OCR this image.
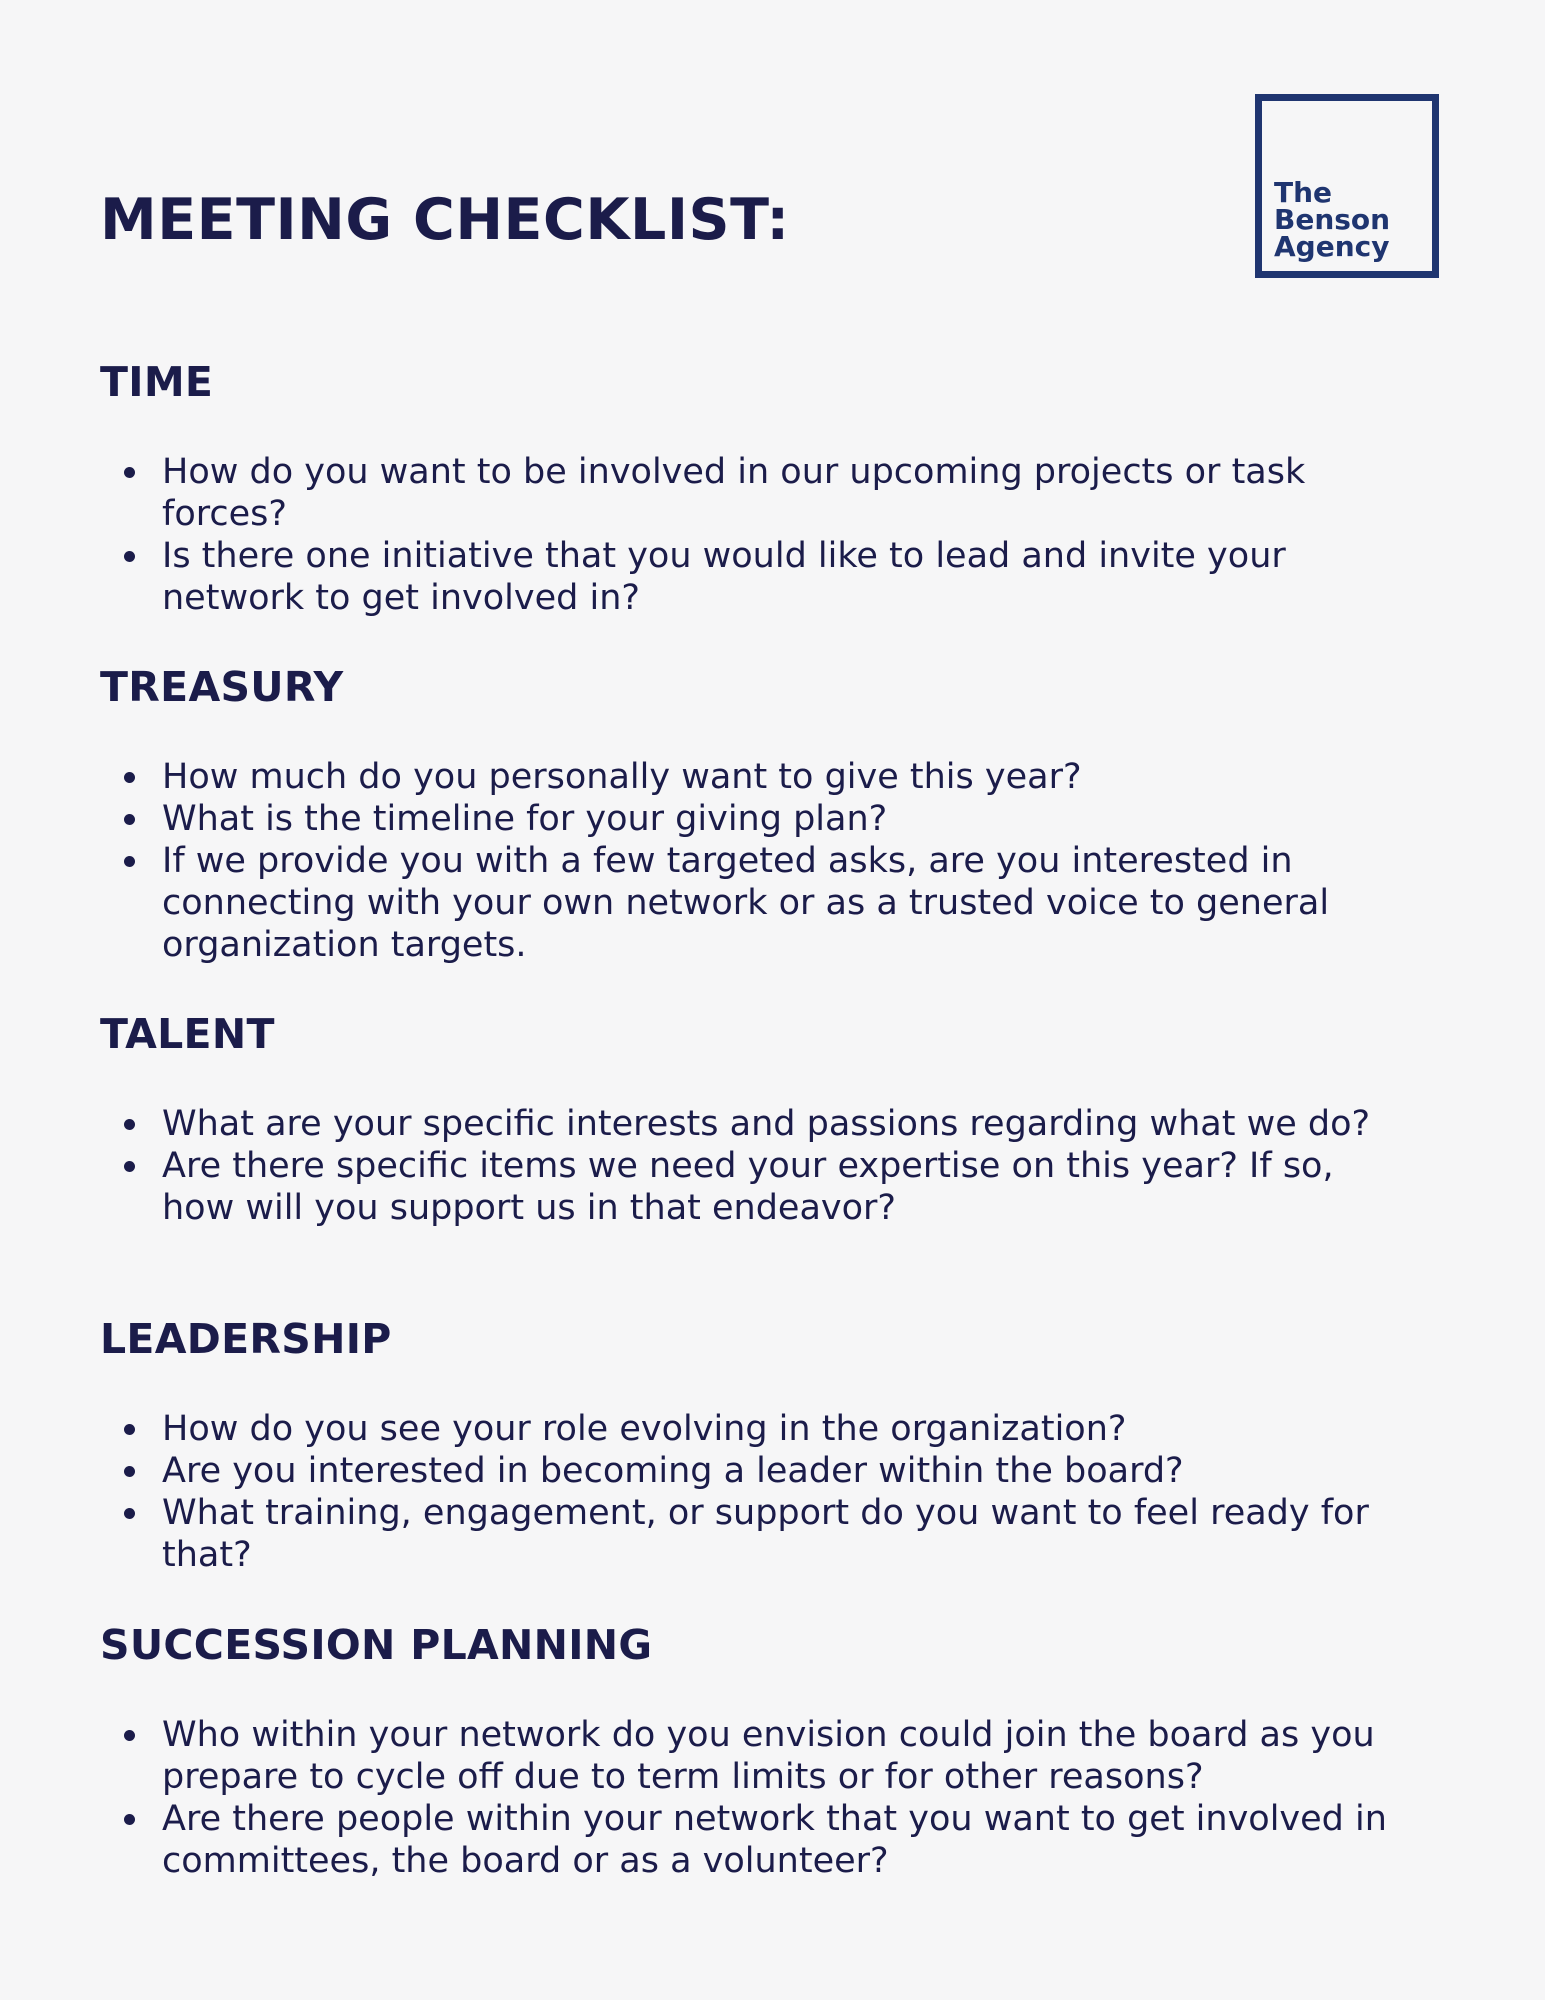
MEETING CHECKLIST:	The
Benson
Agency
TIME
How do you want to be involved in our upcoming projects or task forces?
Is there one initiative that you would like to lead and invite your network to get involved in?
TREASURY
How much do you personally want to give this year?
What is the timeline for your giving plan?
If we provide you with a few targeted asks, are you interested in connecting with your own network or as a trusted voice to general organization targets.
TALENT
What are your specific interests and passions regarding what we do?
Are there specific items we need your expertise on this year? If so, how will you support us in that endeavor?
LEADERSHIP
How do you see your role evolving in the organization?
Are you interested in becoming a leader within the board?
What training, engagement, or support do you want to feel ready for that?
SUCCESSION PLANNING
Who within your network do you envision could join the board as you prepare to cycle off due to term limits or for other reasons?
Are there people within your network that you want to get involved in committees, the board or as a volunteer?
